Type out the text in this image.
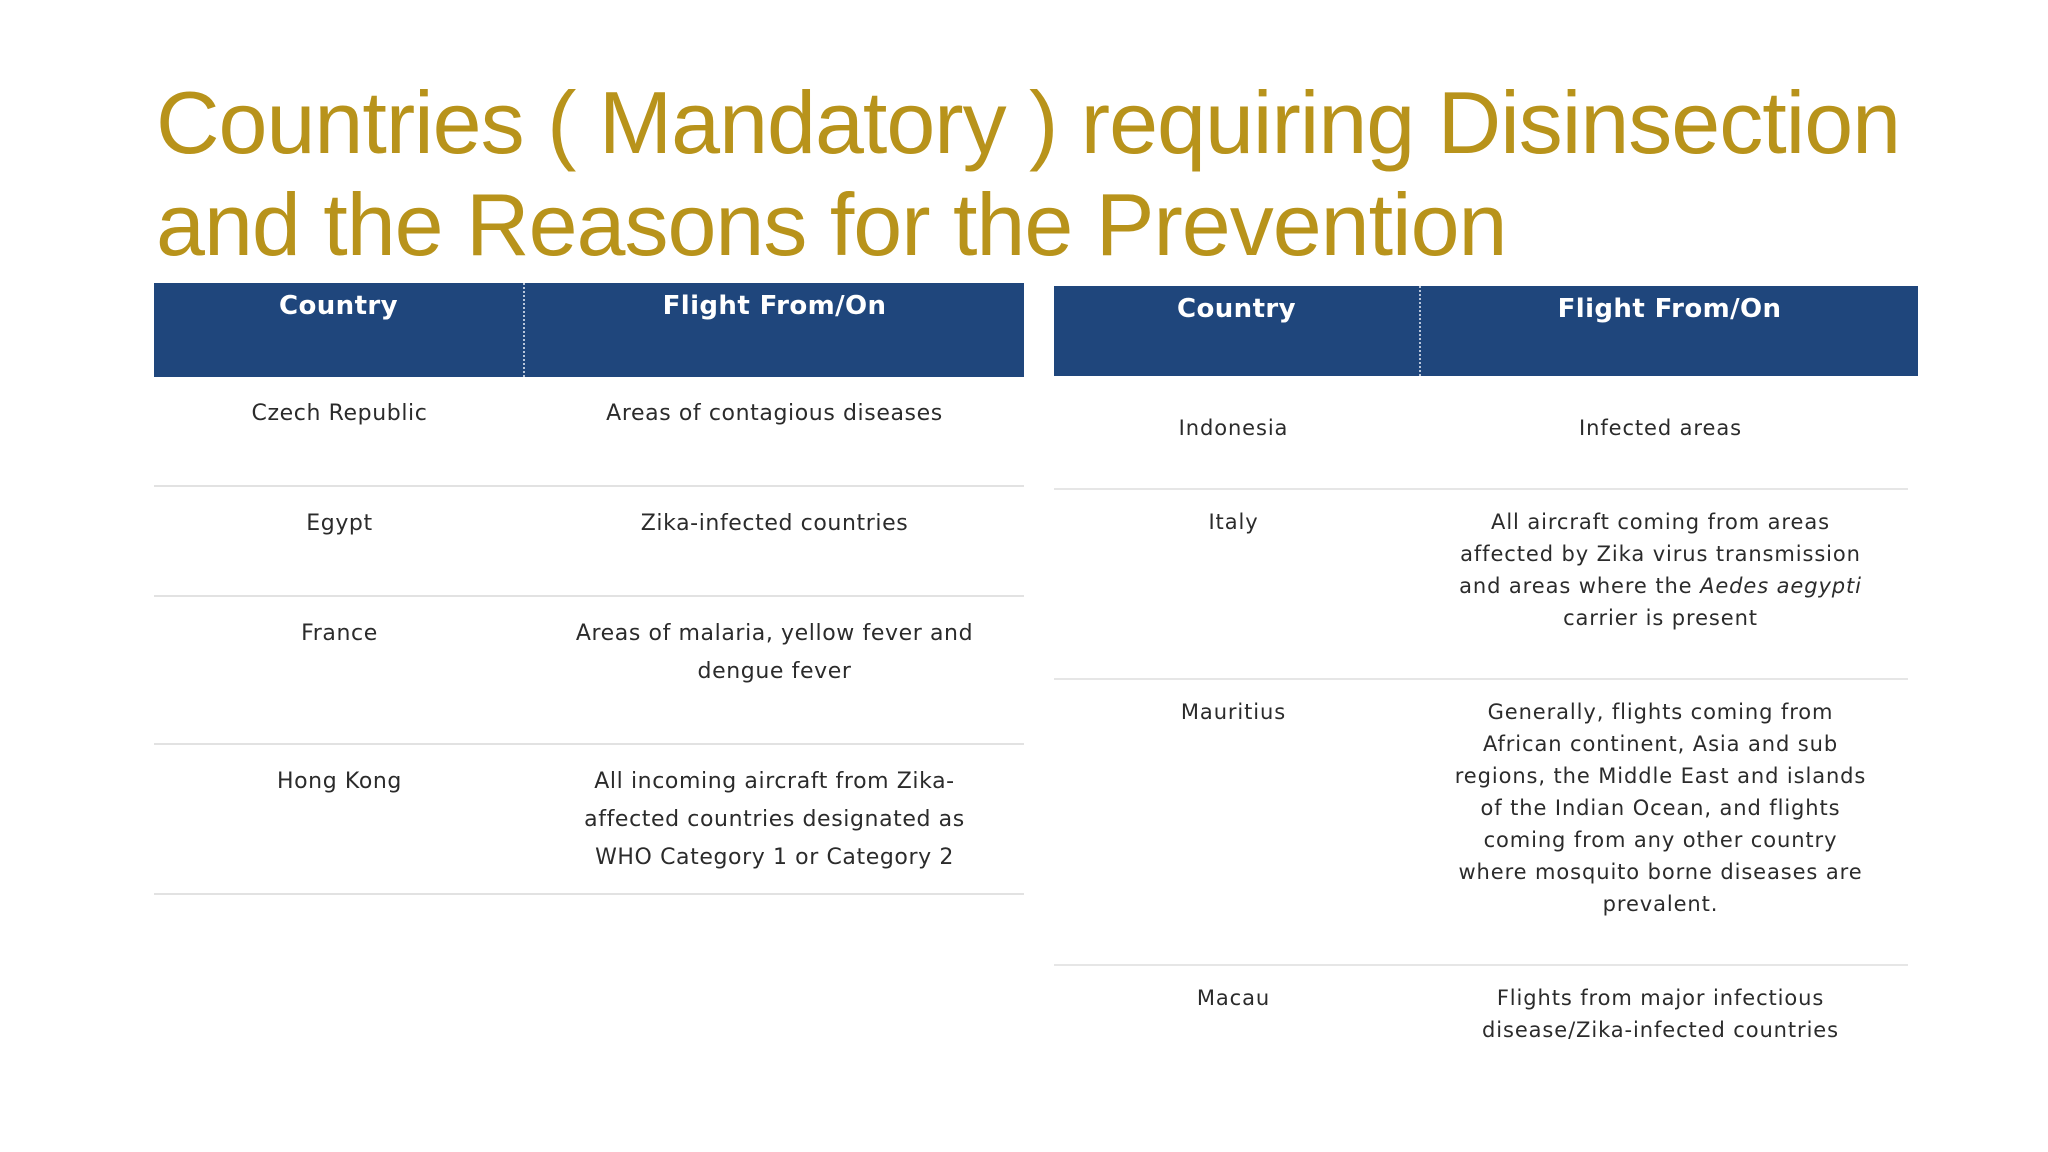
Countries ( Mandatory ) requiring Disinsection
and the Reasons for the Prevention
Country	Flight From/On
Czech Republic	Areas of contagious diseases
Egypt	Zika-infected countries
France	Areas of malaria, yellow fever and
dengue fever
Hong Kong	All incoming aircraft from Zika-
affected countries designated as
WHO Category 1 or Category 2
Country	Flight From/On
Indonesia	Infected areas
Italy	All aircraft coming from areas
affected by Zika virus transmission
and areas where the Aedes aegypti
carrier is present
Mauritius	Generally, flights coming from
African continent, Asia and sub
regions, the Middle East and islands
of the Indian Ocean, and flights
coming from any other country
where mosquito borne diseases are
prevalent.
Macau	Flights from major infectious
disease/Zika-infected countries
